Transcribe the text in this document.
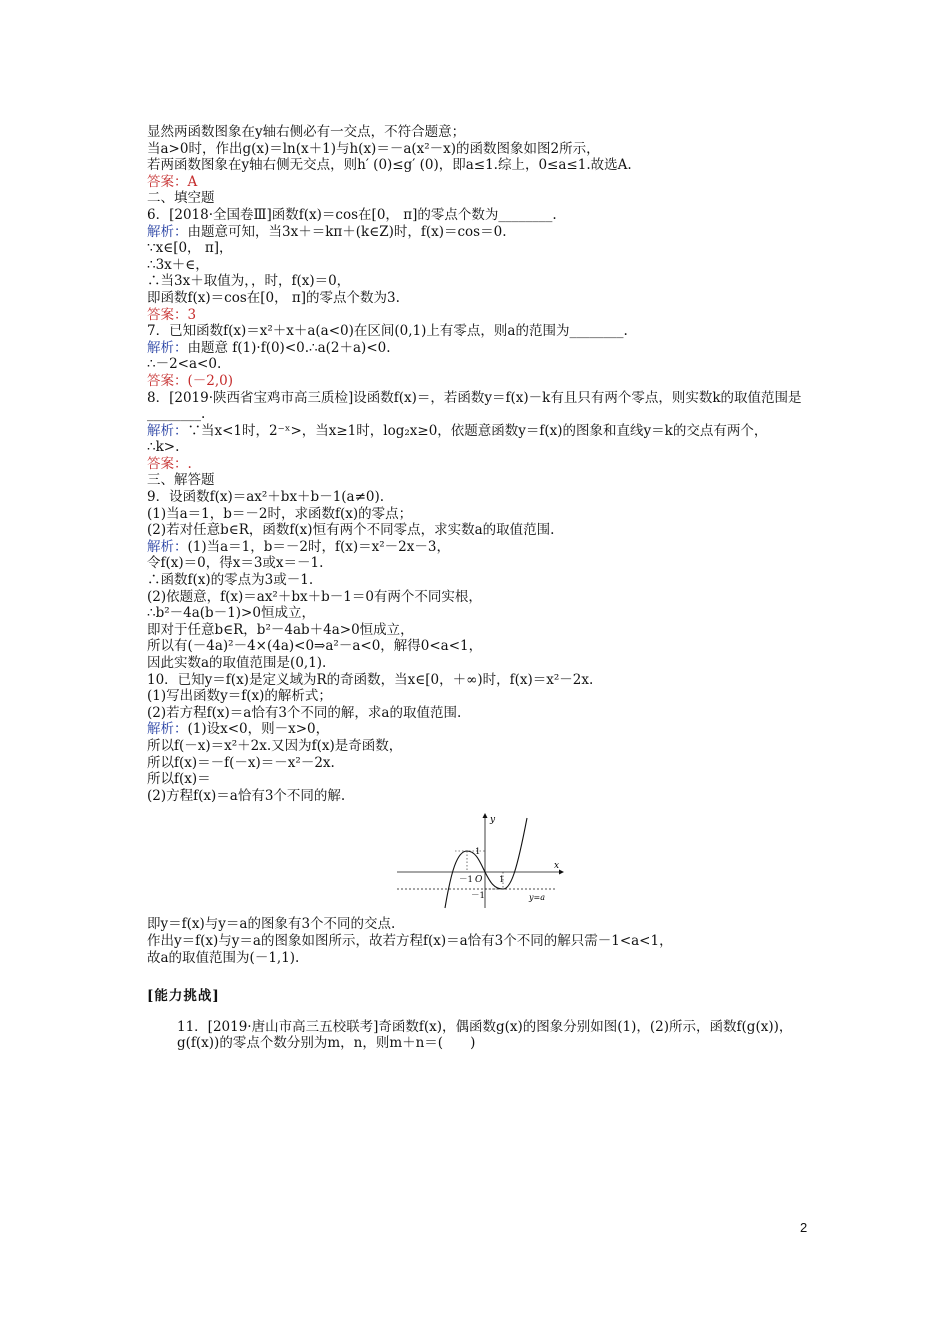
显然两函数图象在y轴右侧必有一交点，不符合题意；
当a>0时，作出g(x)＝ln(x＋1)与h(x)＝－a(x²－x)的函数图象如图2所示，
若两函数图象在y轴右侧无交点，则h′ (0)≤g′ (0)，即a≤1.综上，0≤a≤1.故选A.
答案：A
二、填空题
6．[2018·全国卷Ⅲ]函数f(x)＝cos在[0， π]的零点个数为________.
解析：由题意可知，当3x＋＝kπ＋(k∈Z)时，f(x)＝cos＝0.
∵x∈[0， π]，
∴3x＋∈，
∴当3x＋取值为，，时，f(x)＝0，
即函数f(x)＝cos在[0， π]的零点个数为3.
答案：3
7．已知函数f(x)＝x²＋x＋a(a<0)在区间(0,1)上有零点，则a的范围为________.
解析：由题意 f(1)·f(0)<0.∴a(2＋a)<0.
∴－2<a<0.
答案：(－2,0)
8．[2019·陕西省宝鸡市高三质检]设函数f(x)＝，若函数y＝f(x)－k有且只有两个零点，则实数k的取值范围是________.
解析：∵当x<1时，2⁻ˣ>，当x≥1时，log₂x≥0，依题意函数y＝f(x)的图象和直线y＝k的交点有两个，
∴k>.
答案：.
三、解答题
9．设函数f(x)＝ax²＋bx＋b－1(a≠0).
(1)当a＝1，b＝－2时，求函数f(x)的零点；
(2)若对任意b∈R，函数f(x)恒有两个不同零点，求实数a的取值范围.
解析：(1)当a＝1，b＝－2时，f(x)＝x²－2x－3，
令f(x)＝0，得x＝3或x＝－1.
∴函数f(x)的零点为3或－1.
(2)依题意，f(x)＝ax²＋bx＋b－1＝0有两个不同实根，
∴b²－4a(b－1)>0恒成立，
即对于任意b∈R，b²－4ab＋4a>0恒成立，
所以有(－4a)²－4×(4a)<0⇒a²－a<0，解得0<a<1，
因此实数a的取值范围是(0,1).
10．已知y＝f(x)是定义域为R的奇函数，当x∈[0，＋∞)时，f(x)＝x²－2x.
(1)写出函数y＝f(x)的解析式；
(2)若方程f(x)＝a恰有3个不同的解，求a的取值范围.
解析：(1)设x<0，则－x>0，
所以f(－x)＝x²＋2x.又因为f(x)是奇函数，
所以f(x)＝－f(－x)＝－x²－2x.
所以f(x)＝
(2)方程f(x)＝a恰有3个不同的解.
y
x
O 1
－1
1
－1	y=a
即y＝f(x)与y＝a的图象有3个不同的交点.
作出y＝f(x)与y＝a的图象如图所示，故若方程f(x)＝a恰有3个不同的解只需－1<a<1，
故a的取值范围为(－1,1).
[能力挑战]
11．[2019·唐山市高三五校联考]奇函数f(x)，偶函数g(x)的图象分别如图(1)，(2)所示，函数f(g(x))，g(f(x))的零点个数分别为m，n，则m＋n＝(　　)
2
